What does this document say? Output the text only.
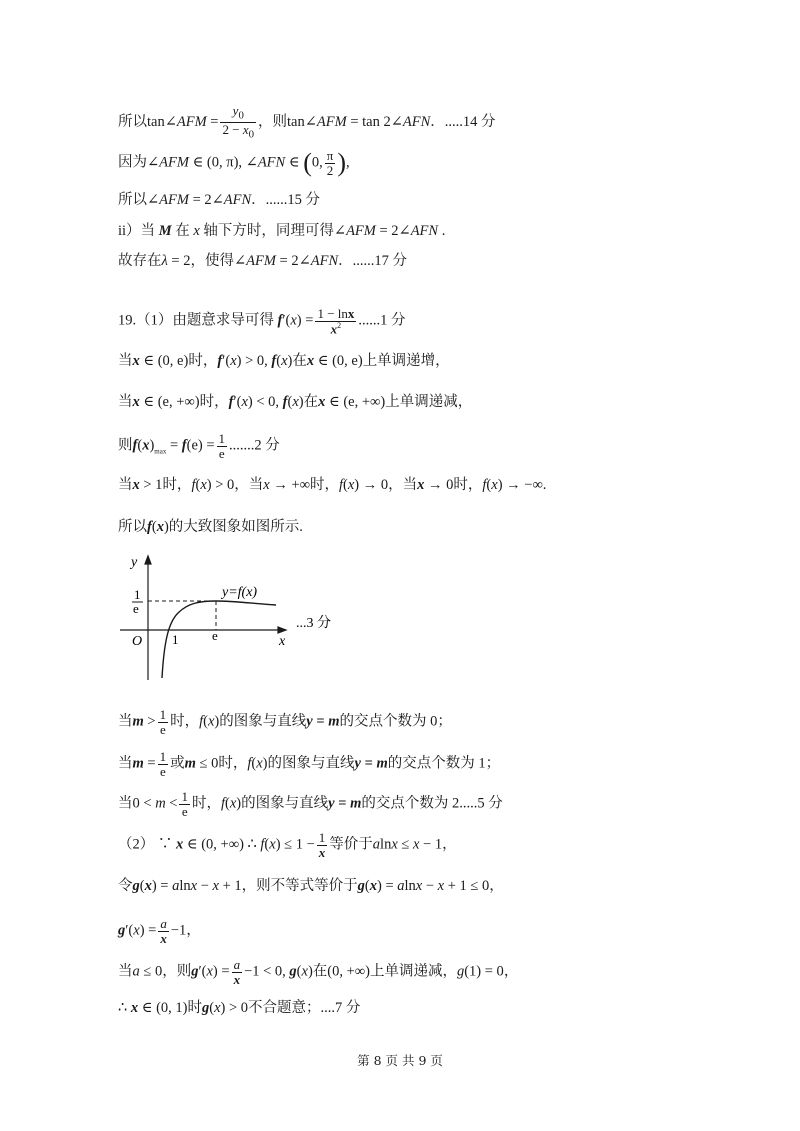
所以tan∠AFM = $\frac{y_0}{2 - x_0}$ ，则tan∠AFM = tan 2∠AFN．.....14 分
因为∠AFM ∈ (0, π), ∠AFN ∈ (0, $\frac{\pi}{2}$ ),
所以∠AFM = 2∠AFN．......15 分
ii）当 M 在 x 轴下方时，同理可得∠AFM = 2∠AFN .
故存在λ = 2，使得∠AFM = 2∠AFN．......17 分
19.（1）由题意求导可得 $f'(x) = \frac{1 - \ln x}{x^2} ......1$ 分
当x ∈ (0, e)时，f′(x) > 0, f(x)在x ∈ (0, e)上单调递增，
当x ∈ (e, +∞)时，f′(x) < 0, f(x)在x ∈ (e, +∞)上单调递减，
则$f(x)_{max} = f(e) = \frac{1}{e} .......2$ 分
当x > 1时，f(x) > 0，当x → +∞时，f(x) → 0，当x → 0时，f(x) → −∞.
所以f(x)的大致图象如图所示.
y
x
O 1	e
1
e
y=f(x)
...3 分
当$m > \frac{1}{e}$ 时，f(x)的图象与直线y = m的交点个数为 0；
当$m = \frac{1}{e}$ 或m ≤ 0时，f(x)的图象与直线y = m的交点个数为 1；
当$0 < m < \frac{1}{e}$ 时，f(x)的图象与直线y = m的交点个数为 2.....5 分
（2） ∵ x ∈ (0, +∞) ∴ $f(x) \le 1 - \frac{1}{x}$ 等价于alnx ≤ x − 1，
令g(x) = alnx − x + 1，则不等式等价于g(x) = alnx − x + 1 ≤ 0，
$g'(x) = \frac{a}{x} -1$，
当a ≤ 0，则$g'(x) = \frac{a}{x} -1 < 0$, g(x)在(0, +∞)上单调递减，g(1) = 0，
∴ x ∈ (0, 1)时g(x) > 0不合题意；....7 分
第 8 页 共 9 页
